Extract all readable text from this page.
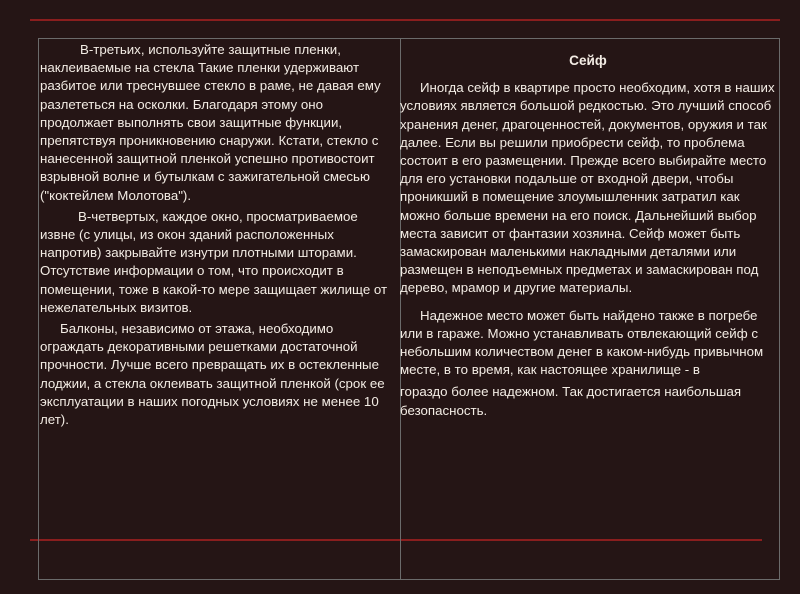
В-третьих, используйте защитные пленки, наклеиваемые на стекла Такие пленки удерживают разбитое или треснувшее стекло в раме, не давая ему разлететься на осколки. Благодаря этому оно продолжает выполнять свои защитные функции, препятствуя проникновению снаружи. Кстати, стекло с нанесенной защитной пленкой успешно противостоит взрывной волне и бутылкам с зажигательной смесью ("коктейлем Молотова").

В-четвертых, каждое окно, просматриваемое извне (с улицы, из окон зданий расположенных напротив) закрывайте изнутри плотными шторами. Отсутствие информации о том, что происходит в помещении, тоже в какой-то мере защищает жилище от нежелательных визитов.

Балконы, независимо от этажа, необходимо ограждать декоративными решетками достаточной прочности. Лучше всего превращать их в остекленные лоджии, а стекла оклеивать защитной пленкой (срок ее эксплуатации в наших погодных условиях не менее 10 лет).

Сейф

Иногда сейф в квартире просто необходим, хотя в наших условиях является большой редкостью. Это лучший способ хранения денег, драгоценностей, документов, оружия и так далее. Если вы решили приобрести сейф, то проблема состоит в его размещении. Прежде всего выбирайте место для его установки подальше от входной двери, чтобы проникший в помещение злоумышленник затратил как можно больше времени на его поиск. Дальнейший выбор места зависит от фантазии хозяина. Сейф может быть замаскирован маленькими накладными деталями или размещен в неподъемных предметах и замаскирован под дерево, мрамор и другие материалы.

Надежное место может быть найдено также в погребе или в гараже. Можно устанавливать отвлекающий сейф с небольшим количеством денег в каком-нибудь привычном месте, в то время, как настоящее хранилище - в

гораздо более надежном. Так достигается наибольшая безопасность.
